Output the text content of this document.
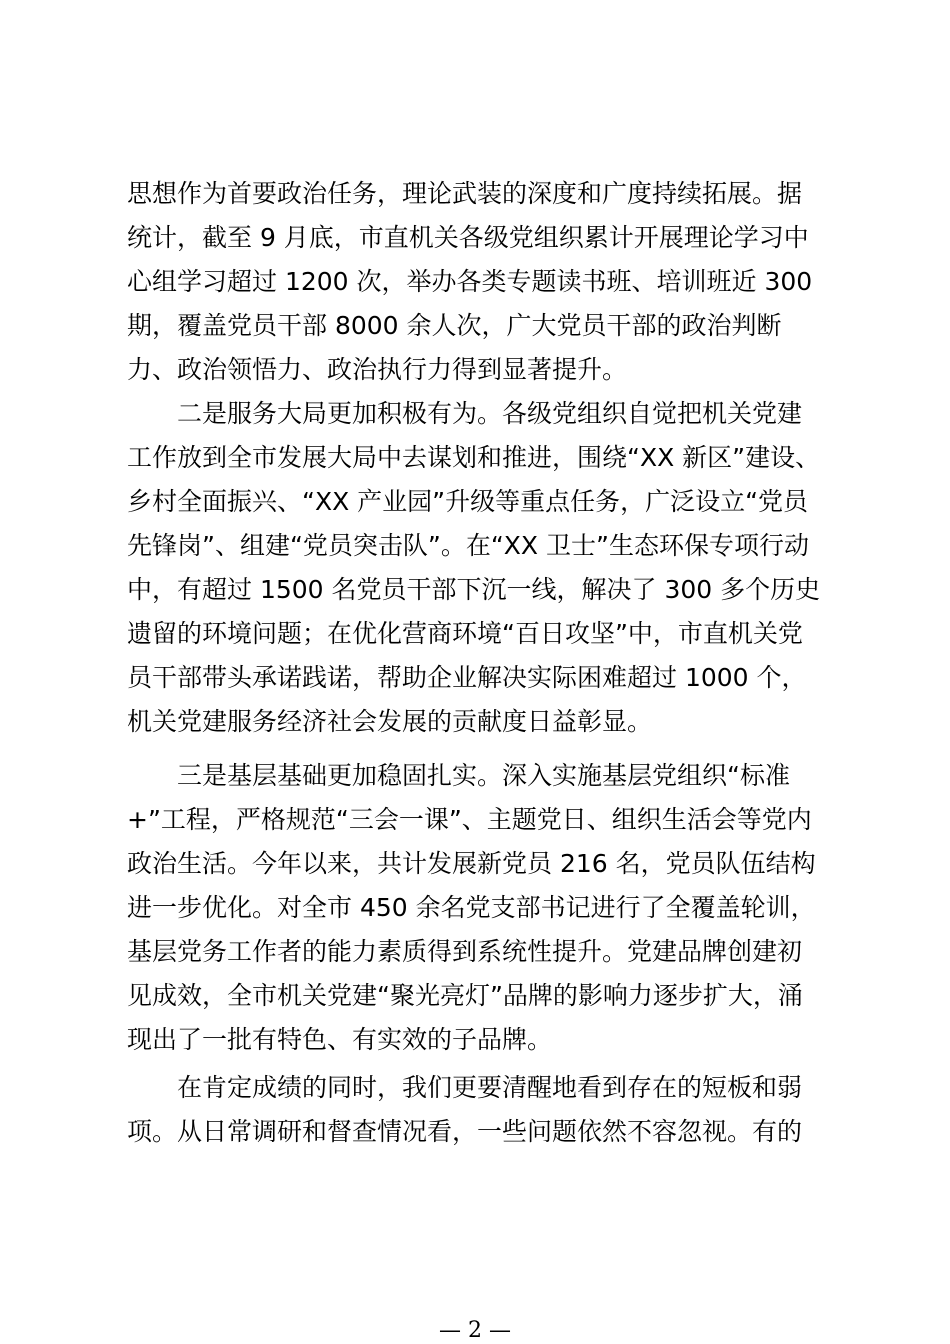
思想作为首要政治任务，理论武装的深度和广度持续拓展。据
统计，截至 9 月底，市直机关各级党组织累计开展理论学习中
心组学习超过 1200 次，举办各类专题读书班、培训班近 300
期，覆盖党员干部 8000 余人次，广大党员干部的政治判断
力、政治领悟力、政治执行力得到显著提升。
二是服务大局更加积极有为。各级党组织自觉把机关党建
工作放到全市发展大局中去谋划和推进，围绕“XX 新区”建设、
乡村全面振兴、“XX 产业园”升级等重点任务，广泛设立“党员
先锋岗”、组建“党员突击队”。在“XX 卫士”生态环保专项行动
中，有超过 1500 名党员干部下沉一线，解决了 300 多个历史
遗留的环境问题；在优化营商环境“百日攻坚”中，市直机关党
员干部带头承诺践诺，帮助企业解决实际困难超过 1000 个，
机关党建服务经济社会发展的贡献度日益彰显。
三是基层基础更加稳固扎实。深入实施基层党组织“标准
+”工程，严格规范“三会一课”、主题党日、组织生活会等党内
政治生活。今年以来，共计发展新党员 216 名，党员队伍结构
进一步优化。对全市 450 余名党支部书记进行了全覆盖轮训，
基层党务工作者的能力素质得到系统性提升。党建品牌创建初
见成效，全市机关党建“聚光亮灯”品牌的影响力逐步扩大，涌
现出了一批有特色、有实效的子品牌。
在肯定成绩的同时，我们更要清醒地看到存在的短板和弱
项。从日常调研和督查情况看，一些问题依然不容忽视。有的
— 2 —
